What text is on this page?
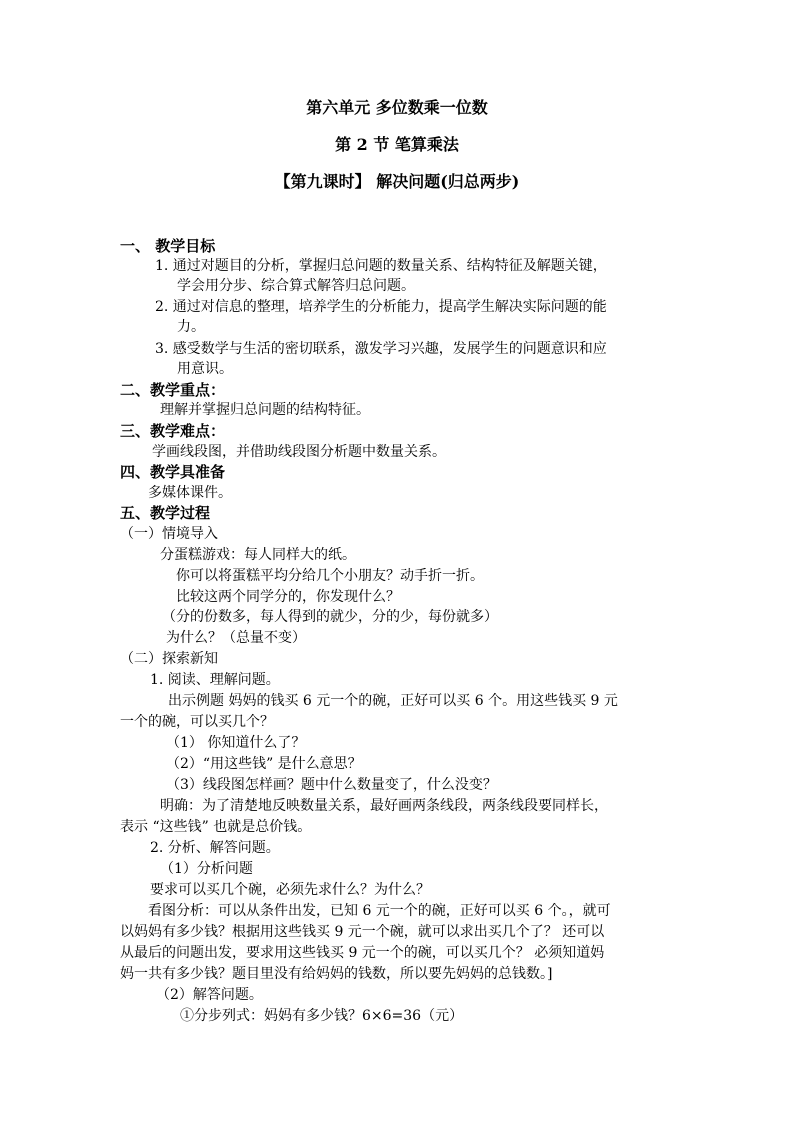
第六单元 多位数乘一位数
第 2 节 笔算乘法
【第九课时】 解决问题(归总两步)
一、 教学目标
1. 通过对题目的分析，掌握归总问题的数量关系、结构特征及解题关键，
学会用分步、综合算式解答归总问题。
2. 通过对信息的整理，培养学生的分析能力，提高学生解决实际问题的能
力。
3. 感受数学与生活的密切联系，激发学习兴趣，发展学生的问题意识和应
用意识。
二、教学重点：
理解并掌握归总问题的结构特征。
三、教学难点：
学画线段图，并借助线段图分析题中数量关系。
四、教学具准备
多媒体课件。
五、教学过程
（一）情境导入
分蛋糕游戏：每人同样大的纸。
你可以将蛋糕平均分给几个小朋友？动手折一折。
比较这两个同学分的，你发现什么？
（分的份数多，每人得到的就少，分的少，每份就多）
为什么？（总量不变）
（二）探索新知
1. 阅读、理解问题。
出示例题 妈妈的钱买 6 元一个的碗，正好可以买 6 个。用这些钱买 9 元
一个的碗，可以买几个？
（1） 你知道什么了？
（2）“用这些钱” 是什么意思？
（3）线段图怎样画？题中什么数量变了，什么没变？
明确：为了清楚地反映数量关系，最好画两条线段，两条线段要同样长，
表示 “这些钱” 也就是总价钱。
2. 分析、解答问题。
（1）分析问题
要求可以买几个碗，必须先求什么？为什么？
看图分析：可以从条件出发，已知 6 元一个的碗，正好可以买 6 个。，就可
以妈妈有多少钱？根据用这些钱买 9 元一个碗，就可以求出买几个了？ 还可以
从最后的问题出发，要求用这些钱买 9 元一个的碗，可以买几个？ 必须知道妈
妈一共有多少钱？题目里没有给妈妈的钱数，所以要先妈妈的总钱数。]
（2）解答问题。
①分步列式：妈妈有多少钱？6×6=36（元）
